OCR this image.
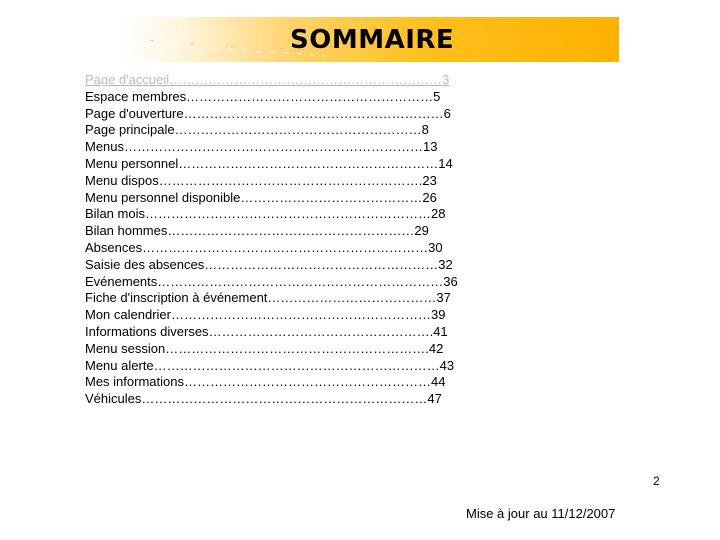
SOMMAIRE
Page d'accueil………………………………………………………3
Espace membres…………………………………………………5
Page d'ouverture……………………………………………………6
Page principale…………………………………………………8
Menus……………………………………………………………13
Menu personnel……………………………………………………14
Menu dispos…………………………………………………….23
Menu personnel disponible……………………………………26
Bilan mois…………………………………………………………28
Bilan hommes…………………………………………………29
Absences…………………………………………………………30
Saisie des absences………………………………………………32
Evénements…………………………………………………………36
Fiche d'inscription à événement…………………………………37
Mon calendrier……………………………………………………39
Informations diverses…………………………………………….41
Menu session…………………………………………………….42
Menu alerte…………………………………………………………43
Mes informations…………………………………………………44
Véhicules…………………………………………………………47
Mise à jour au 11/12/2007
2
